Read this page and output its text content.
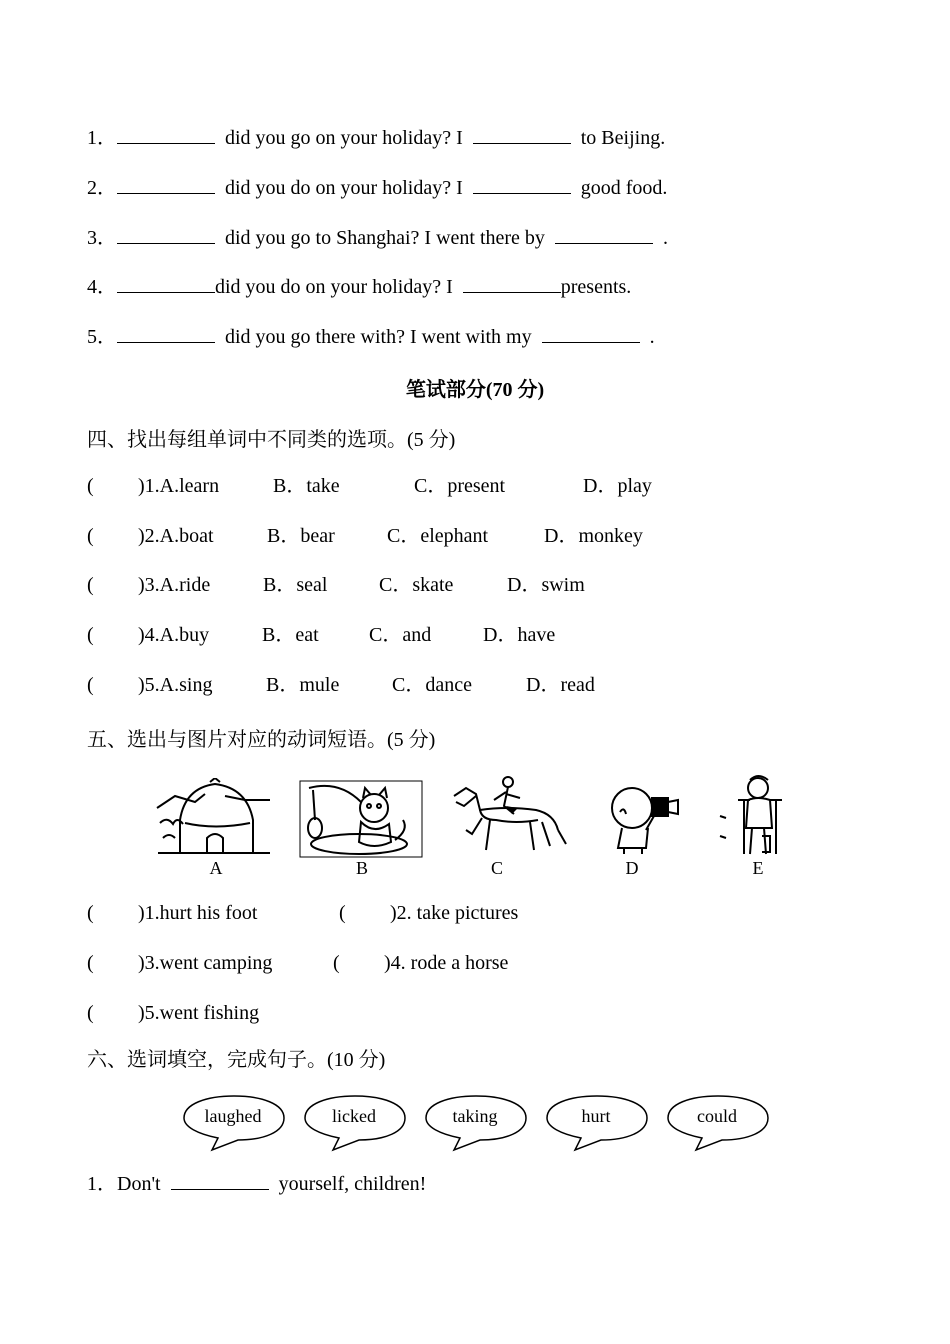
1．	did you go on your holiday? I	to Beijing.
2．	did you do on your holiday? I	good food.
3．	did you go to Shanghai? I went there by	.
4．	did you do on your holiday? I	presents.
5．	did you go there with? I went with my	.
笔试部分(70 分)
四、找出每组单词中不同类的选项。(5 分)
( )1.A.learn	B．take	C．present	D．play
( )2.A.boat	B．bear	C．elephant	D．monkey
( )3.A.ride	B．seal	C．skate	D．swim
( )4.A.buy	B．eat	C．and	D．have
( )5.A.sing	B．mule	C．dance	D．read
五、选出与图片对应的动词短语。(5 分)
A	B	C	D	E
( )1.hurt his foot	( )2. take pictures
( )3.went camping	( )4. rode a horse
( )5.went fishing
六、选词填空，完成句子。(10 分)
laughed	licked	taking	hurt	could
1．Don't	yourself, children!
